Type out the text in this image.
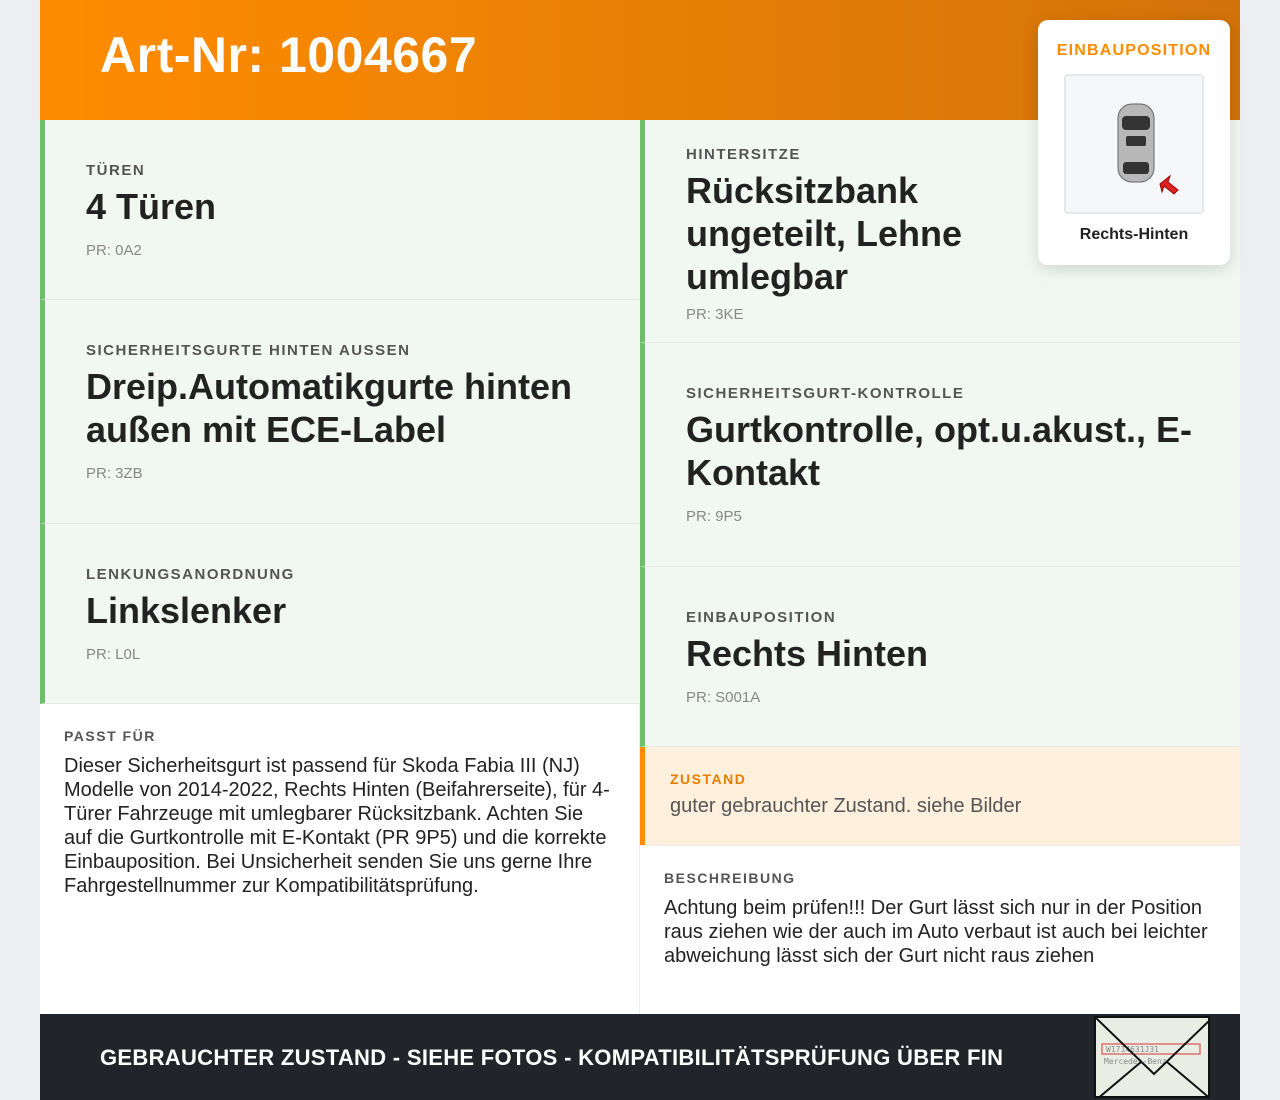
Art-Nr: 1004667
TÜREN
4 Türen
PR: 0A2
SICHERHEITSGURTE HINTEN AUSSEN
Dreip.Automatikgurte hinten außen mit ECE-Label
PR: 3ZB
LENKUNGSANORDNUNG
Linkslenker
PR: L0L
HINTERSITZE
Rücksitzbank ungeteilt, Lehne umlegbar
PR: 3KE
SICHERHEITSGURT-KONTROLLE
Gurtkontrolle, opt.u.akust., E-Kontakt
PR: 9P5
EINBAUPOSITION
Rechts Hinten
PR: S001A
PASST FÜR
Dieser Sicherheitsgurt ist passend für Skoda Fabia III (NJ) Modelle von 2014-2022, Rechts Hinten (Beifahrerseite), für 4-Türer Fahrzeuge mit umlegbarer Rücksitzbank. Achten Sie auf die Gurtkontrolle mit E-Kontakt (PR 9P5) und die korrekte Einbauposition. Bei Unsicherheit senden Sie uns gerne Ihre Fahrgestellnummer zur Kompatibilitätsprüfung.
ZUSTAND
guter gebrauchter Zustand. siehe Bilder
BESCHREIBUNG
Achtung beim prüfen!!! Der Gurt lässt sich nur in der Position raus ziehen wie der auch im Auto verbaut ist auch bei leichter abweichung lässt sich der Gurt nicht raus ziehen
GEBRAUCHTER ZUSTAND - SIEHE FOTOS - KOMPATIBILITÄTSPRÜFUNG ÜBER FIN	W1714631J31
Mercedes-Benz
EINBAUPOSITION
Rechts-Hinten
